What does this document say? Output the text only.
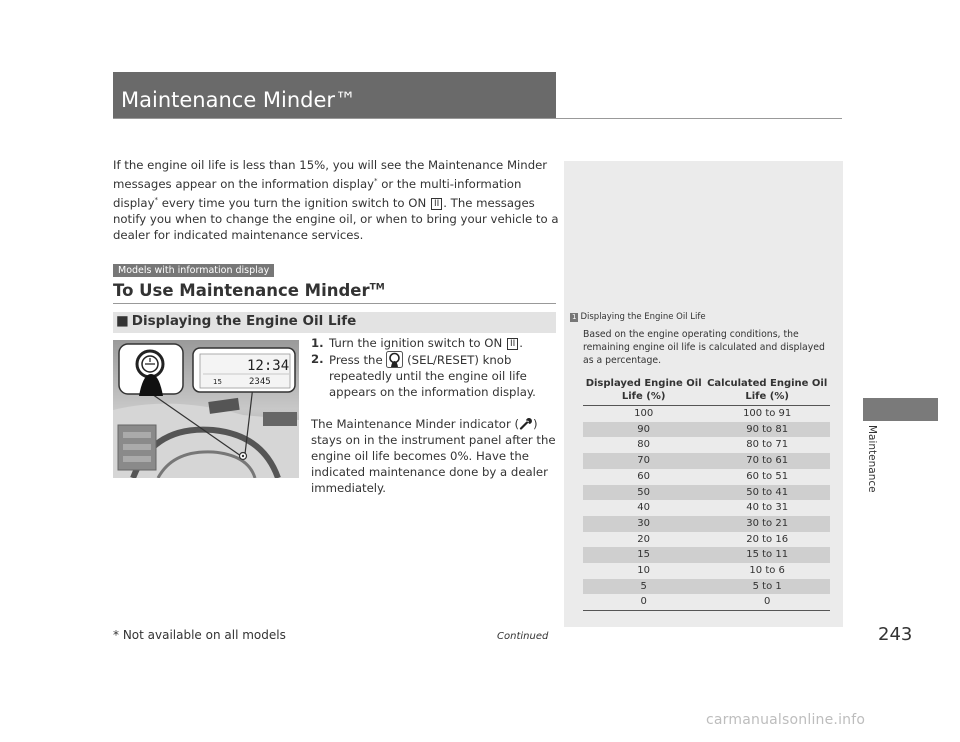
Maintenance Minder™
If the engine oil life is less than 15%, you will see the Maintenance Minder messages appear on the information display* or the multi-information display* every time you turn the ignition switch to ON II . The messages notify you when to change the engine oil, or when to bring your vehicle to a dealer for indicated maintenance services.
Models with information display
To Use Maintenance Minder™
■ Displaying the Engine Oil Life
12:34
15	2345
1. Turn the ignition switch to ON II .
2. Press the  (SEL/RESET) knob repeatedly until the engine oil life appears on the information display.
The Maintenance Minder indicator ( ) stays on in the instrument panel after the engine oil life becomes 0%. Have the indicated maintenance done by a dealer immediately.
1 Displaying the Engine Oil Life
Based on the engine operating conditions, the remaining engine oil life is calculated and displayed as a percentage.
Displayed Engine Oil Life (%)	Calculated Engine Oil Life (%)
100	100 to 91
90	90 to 81
80	80 to 71
70	70 to 61
60	60 to 51
50	50 to 41
40	40 to 31
30	30 to 21
20	20 to 16
15	15 to 11
10	10 to 6
5	5 to 1
0	0
Maintenance
* Not available on all models	Continued	243
carmanualsonline.info
